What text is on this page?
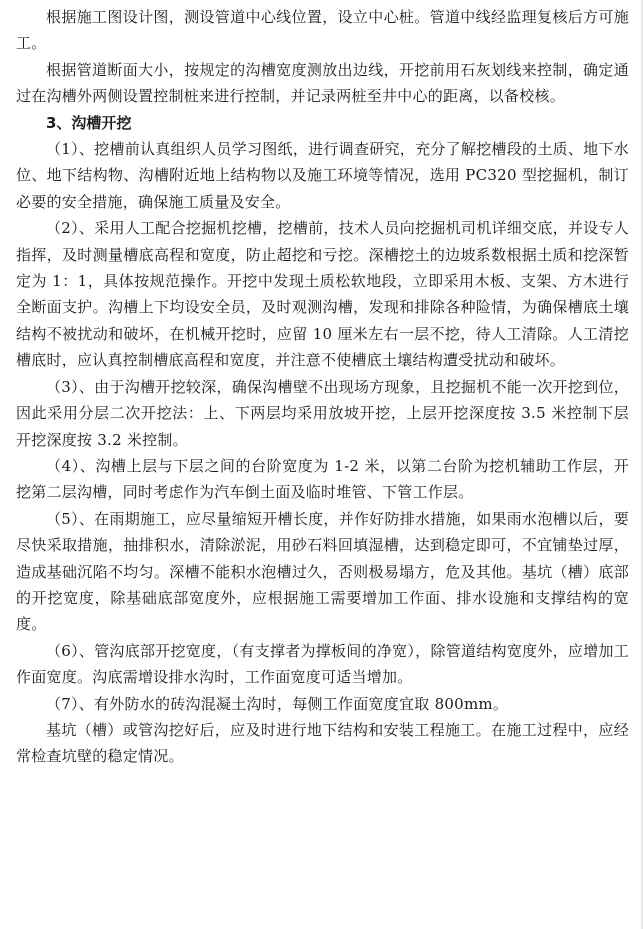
根据施工图设计图，测设管道中心线位置，设立中心桩。管道中线经监理复核后方可施工。

根据管道断面大小，按规定的沟槽宽度测放出边线，开挖前用石灰划线来控制，确定通过在沟槽外两侧设置控制桩来进行控制，并记录两桩至井中心的距离，以备校核。

3、沟槽开挖

（1）、挖槽前认真组织人员学习图纸，进行调查研究，充分了解挖槽段的土质、地下水位、地下结构物、沟槽附近地上结构物以及施工环境等情况，选用 PC320 型挖掘机，制订必要的安全措施，确保施工质量及安全。

（2）、采用人工配合挖掘机挖槽，挖槽前，技术人员向挖掘机司机详细交底，并设专人指挥，及时测量槽底高程和宽度，防止超挖和亏挖。深槽挖土的边坡系数根据土质和挖深暂定为 1：1，具体按规范操作。开挖中发现土质松软地段，立即采用木板、支架、方木进行全断面支护。沟槽上下均设安全员，及时观测沟槽，发现和排除各种险情，为确保槽底土壤结构不被扰动和破坏，在机械开挖时，应留 10 厘米左右一层不挖，待人工清除。人工清挖槽底时，应认真控制槽底高程和宽度，并注意不使槽底土壤结构遭受扰动和破坏。

（3）、由于沟槽开挖较深，确保沟槽壁不出现场方现象，且挖掘机不能一次开挖到位，因此采用分层二次开挖法：上、下两层均采用放坡开挖，上层开挖深度按 3.5 米控制下层开挖深度按 3.2 米控制。

（4）、沟槽上层与下层之间的台阶宽度为 1-2 米，以第二台阶为挖机辅助工作层，开挖第二层沟槽，同时考虑作为汽车倒土面及临时堆管、下管工作层。

（5）、在雨期施工，应尽量缩短开槽长度，并作好防排水措施，如果雨水泡槽以后，要尽快采取措施，抽排积水，清除淤泥，用砂石料回填湿槽，达到稳定即可，不宜铺垫过厚，造成基础沉陷不均匀。深槽不能积水泡槽过久，否则极易塌方，危及其他。基坑（槽）底部的开挖宽度，除基础底部宽度外，应根据施工需要增加工作面、排水设施和支撑结构的宽度。

（6）、管沟底部开挖宽度，（有支撑者为撑板间的净宽），除管道结构宽度外，应增加工作面宽度。沟底需增设排水沟时，工作面宽度可适当增加。

（7）、有外防水的砖沟混凝土沟时，每侧工作面宽度宜取 800mm。

基坑（槽）或管沟挖好后，应及时进行地下结构和安装工程施工。在施工过程中，应经常检查坑壁的稳定情况。
